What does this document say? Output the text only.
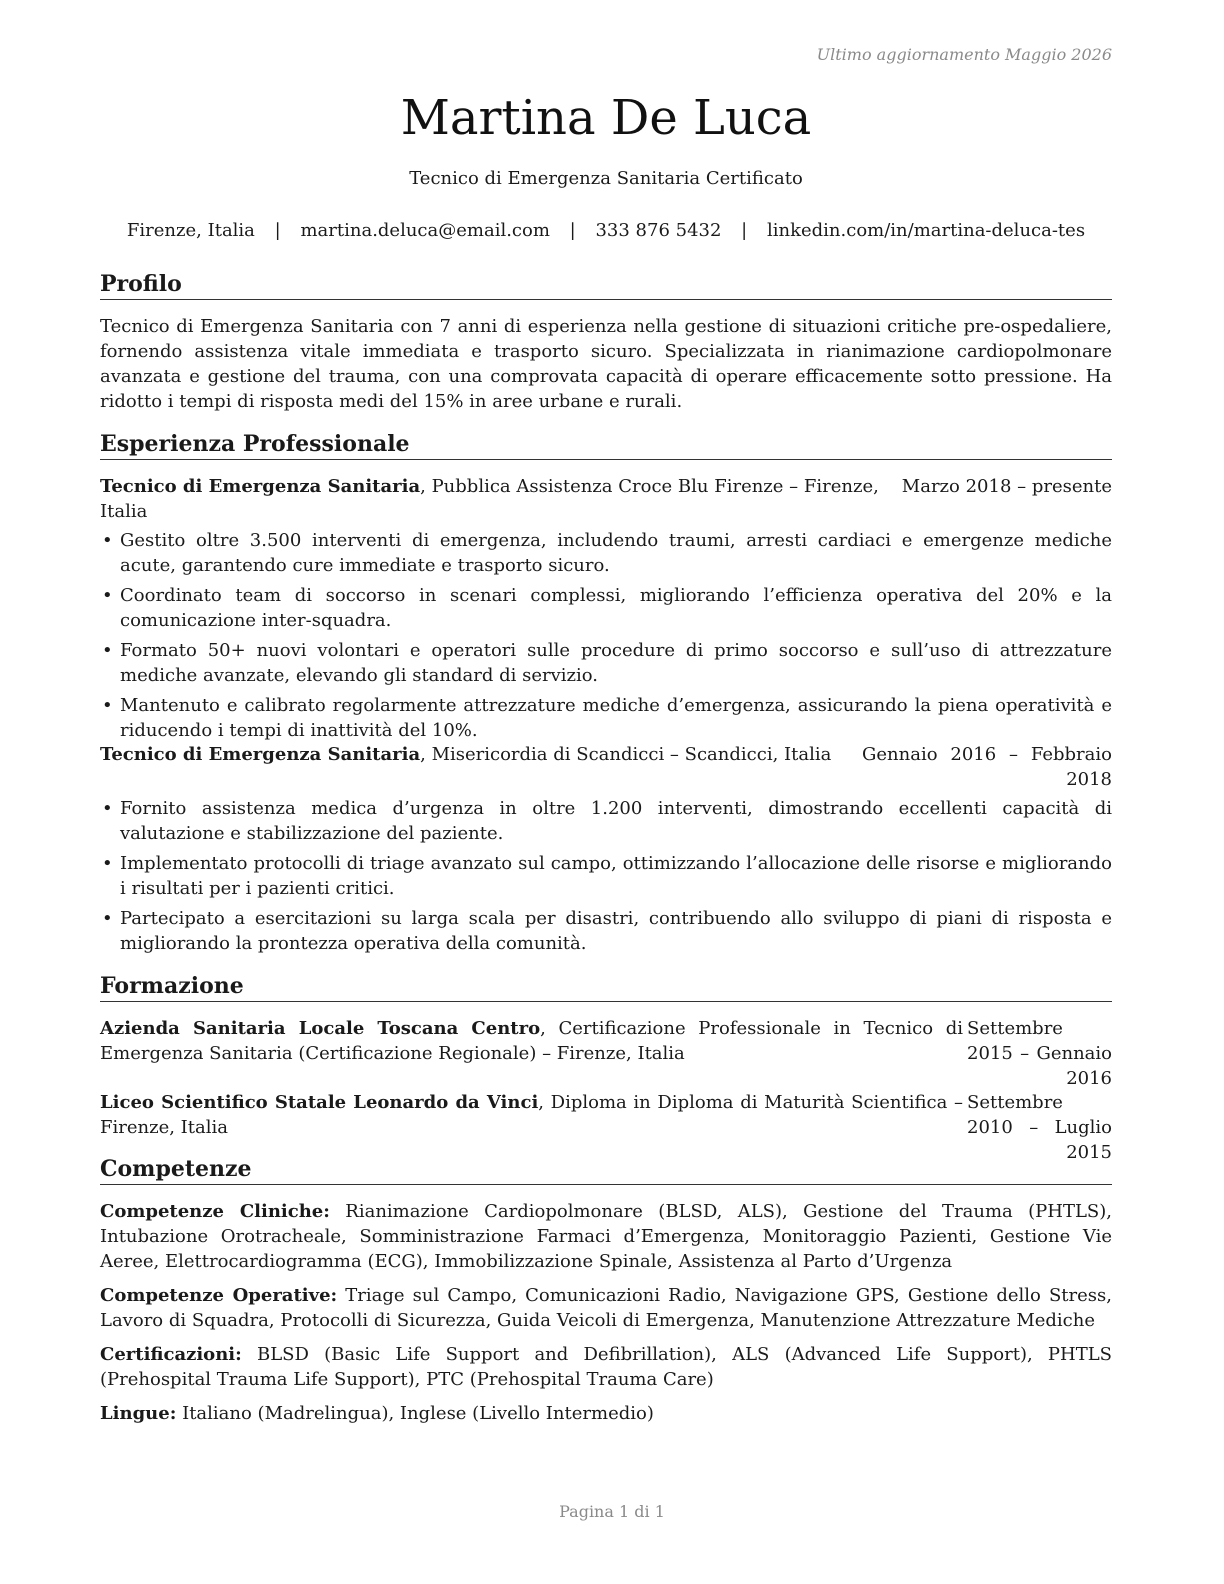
Ultimo aggiornamento Maggio 2026
Martina De Luca
Tecnico di Emergenza Sanitaria Certificato
Firenze, Italia | martina.deluca@email.com | 333 876 5432 | linkedin.com/in/martina-deluca-tes
Profilo

Tecnico di Emergenza Sanitaria con 7 anni di esperienza nella gestione di situazioni critiche pre-ospedaliere, fornendo assistenza vitale immediata e trasporto sicuro. Specializzata in rianimazione cardiopolmonare avanzata e gestione del trauma, con una comprovata capacità di operare efficacemente sotto pressione. Ha ridotto i tempi di risposta medi del 15% in aree urbane e rurali.

Esperienza Professionale
Tecnico di Emergenza Sanitaria, Pubblica Assistenza Croce Blu Firenze – Firenze, Italia
Marzo 2018 – presente
• Gestito oltre 3.500 interventi di emergenza, includendo traumi, arresti cardiaci e emergenze mediche acute, garantendo cure immediate e trasporto sicuro.
• Coordinato team di soccorso in scenari complessi, migliorando l’efficienza operativa del 20% e la comunicazione inter-squadra.
• Formato 50+ nuovi volontari e operatori sulle procedure di primo soccorso e sull’uso di attrezzature mediche avanzate, elevando gli standard di servizio.
• Mantenuto e calibrato regolarmente attrezzature mediche d’emergenza, assicurando la piena operatività e riducendo i tempi di inattività del 10%.
Tecnico di Emergenza Sanitaria, Misericordia di Scandicci – Scandicci, Italia	Gennaio 2016 – Febbraio 2018
• Fornito assistenza medica d’urgenza in oltre 1.200 interventi, dimostrando eccellenti capacità di valutazione e stabilizzazione del paziente.
• Implementato protocolli di triage avanzato sul campo, ottimizzando l’allocazione delle risorse e migliorando i risultati per i pazienti critici.
• Partecipato a esercitazioni su larga scala per disastri, contribuendo allo sviluppo di piani di risposta e migliorando la prontezza operativa della comunità.
Formazione
Azienda Sanitaria Locale Toscana Centro, Certificazione Professionale in Tecnico di Emergenza Sanitaria (Certificazione Regionale) – Firenze, Italia
Settembre 2015 – Gennaio 2016
Liceo Scientifico Statale Leonardo da Vinci, Diploma in Diploma di Maturità Scientifica – Firenze, Italia
Settembre 2010 – Luglio 2015
Competenze

Competenze Cliniche: Rianimazione Cardiopolmonare (BLSD, ALS), Gestione del Trauma (PHTLS), Intubazione Orotracheale, Somministrazione Farmaci d’Emergenza, Monitoraggio Pazienti, Gestione Vie Aeree, Elettrocardiogramma (ECG), Immobilizzazione Spinale, Assistenza al Parto d’Urgenza

Competenze Operative: Triage sul Campo, Comunicazioni Radio, Navigazione GPS, Gestione dello Stress, Lavoro di Squadra, Protocolli di Sicurezza, Guida Veicoli di Emergenza, Manutenzione Attrezzature Mediche

Certificazioni: BLSD (Basic Life Support and Defibrillation), ALS (Advanced Life Support), PHTLS (Prehospital Trauma Life Support), PTC (Prehospital Trauma Care)

Lingue: Italiano (Madrelingua), Inglese (Livello Intermedio)

Pagina 1 di 1
